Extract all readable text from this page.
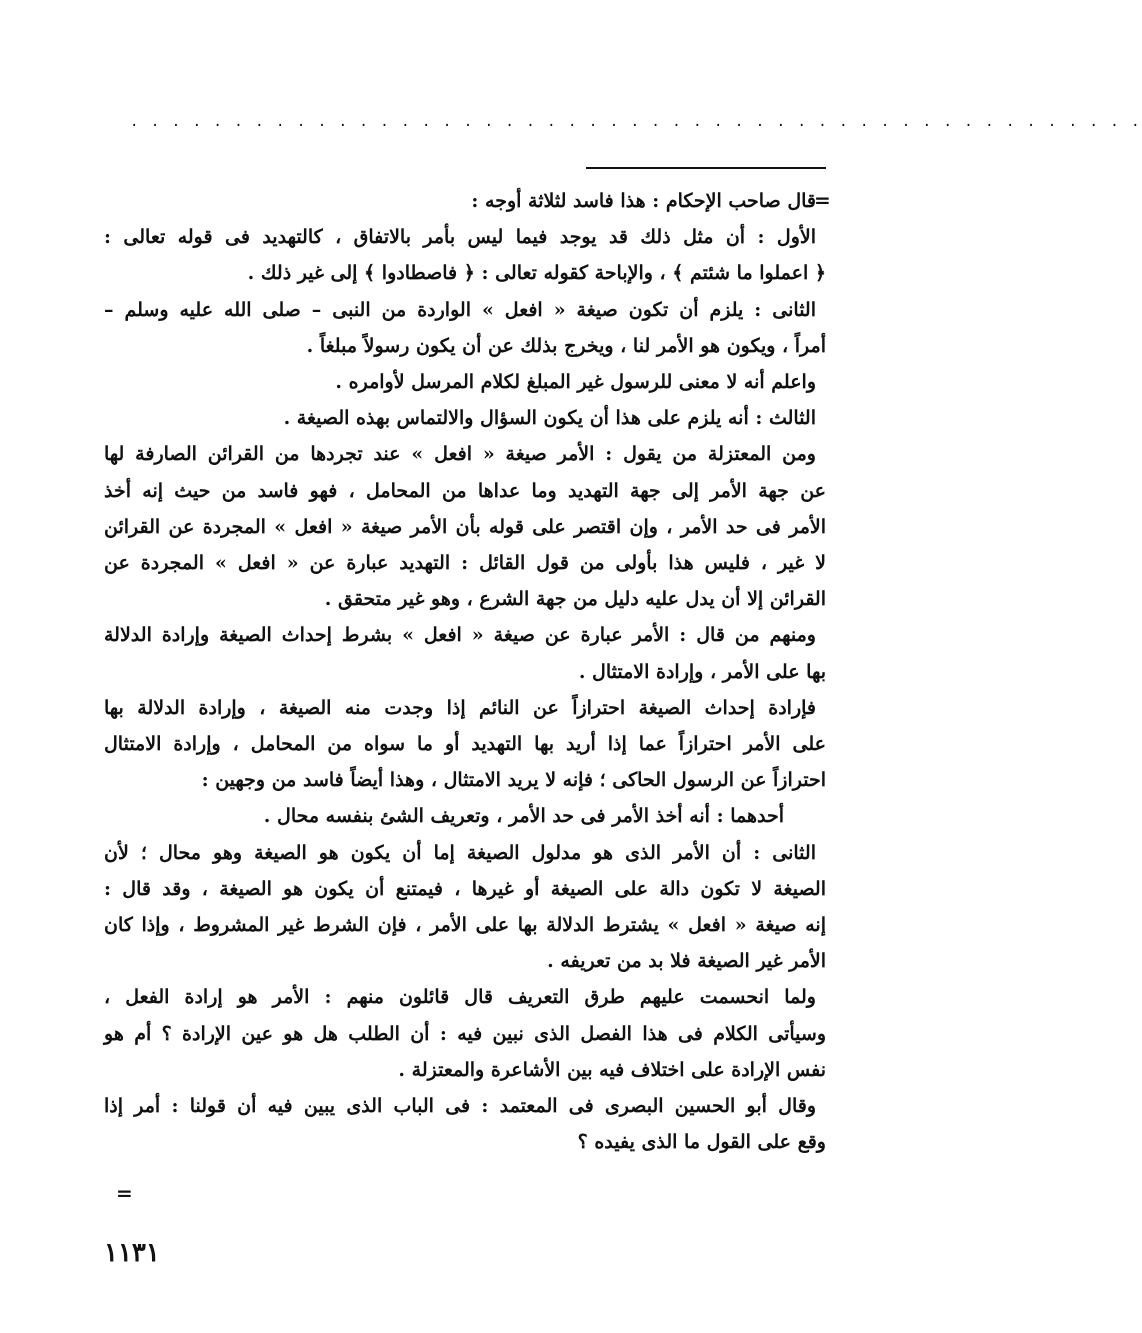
. . . . . . . . . . . . . . . . . . . . . . . . . . . . . . . . . . . . . . . . . . . . . . . . .
=

قال صاحب الإحكام : هذا فاسد لثلاثة أوجه :

الأول : أن مثل ذلك قد يوجد فيما ليس بأمر بالاتفاق ، كالتهديد فى قوله تعالى :
﴿ اعملوا ما شئتم ﴾ ، والإباحة كقوله تعالى : ﴿ فاصطادوا ﴾ إلى غير ذلك .

الثانى : يلزم أن تكون صيغة « افعل » الواردة من النبى – صلى الله عليه وسلم –
أمراً ، ويكون هو الأمر لنا ، ويخرج بذلك عن أن يكون رسولاً مبلغاً .

واعلم أنه لا معنى للرسول غير المبلغ لكلام المرسل لأوامره .

الثالث : أنه يلزم على هذا أن يكون السؤال والالتماس بهذه الصيغة .

ومن المعتزلة من يقول : الأمر صيغة « افعل » عند تجردها من القرائن الصارفة لها
عن جهة الأمر إلى جهة التهديد وما عداها من المحامل ، فهو فاسد من حيث إنه أخذ
الأمر فى حد الأمر ، وإن اقتصر على قوله بأن الأمر صيغة « افعل » المجردة عن القرائن
لا غير ، فليس هذا بأولى من قول القائل : التهديد عبارة عن « افعل » المجردة عن
القرائن إلا أن يدل عليه دليل من جهة الشرع ، وهو غير متحقق .

ومنهم من قال : الأمر عبارة عن صيغة « افعل » بشرط إحداث الصيغة وإرادة الدلالة
بها على الأمر ، وإرادة الامتثال .

فإرادة إحداث الصيغة احترازاً عن النائم إذا وجدت منه الصيغة ، وإرادة الدلالة بها
على الأمر احترازاً عما إذا أريد بها التهديد أو ما سواه من المحامل ، وإرادة الامتثال
احترازاً عن الرسول الحاكى ؛ فإنه لا يريد الامتثال ، وهذا أيضاً فاسد من وجهين :

أحدهما : أنه أخذ الأمر فى حد الأمر ، وتعريف الشئ بنفسه محال .

الثانى : أن الأمر الذى هو مدلول الصيغة إما أن يكون هو الصيغة وهو محال ؛ لأن
الصيغة لا تكون دالة على الصيغة أو غيرها ، فيمتنع أن يكون هو الصيغة ، وقد قال :
إنه صيغة « افعل » يشترط الدلالة بها على الأمر ، فإن الشرط غير المشروط ، وإذا كان
الأمر غير الصيغة فلا بد من تعريفه .

ولما انحسمت عليهم طرق التعريف قال قائلون منهم : الأمر هو إرادة الفعل ،
وسيأتى الكلام فى هذا الفصل الذى نبين فيه : أن الطلب هل هو عين الإرادة ؟ أم هو
نفس الإرادة على اختلاف فيه بين الأشاعرة والمعتزلة .

وقال أبو الحسين البصرى فى المعتمد : فى الباب الذى يبين فيه أن قولنا : أمر إذا
وقع على القول ما الذى يفيده ؟

=
١١٣١
